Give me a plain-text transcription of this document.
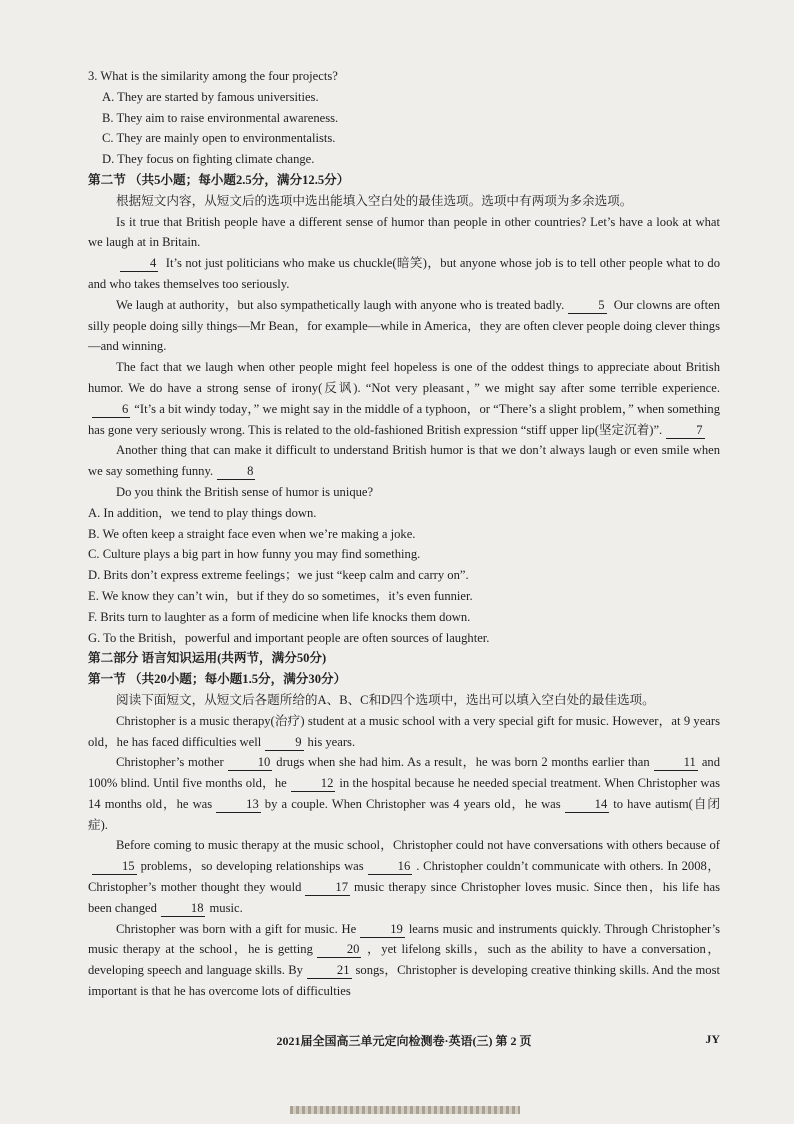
3. What is the similarity among the four projects?

A. They are started by famous universities.

B. They aim to raise environmental awareness.

C. They are mainly open to environmentalists.

D. They focus on fighting climate change.

第二节 （共5小题；每小题2.5分，满分12.5分）

根据短文内容，从短文后的选项中选出能填入空白处的最佳选项。选项中有两项为多余选项。

Is it true that British people have a different sense of humor than people in other countries? Let’s have a look at what we laugh at in Britain.

4 It’s not just politicians who make us chuckle(暗笑)，but anyone whose job is to tell other people what to do and who takes themselves too seriously.

We laugh at authority，but also sympathetically laugh with anyone who is treated badly.	5 Our clowns are often silly people doing silly things—Mr Bean，for example—while in America，they are often clever people doing clever things—and winning.

The fact that we laugh when other people might feel hopeless is one of the oddest things to appreciate about British humor. We do have a strong sense of irony(反讽). “Not very pleasant，” we might say after some terrible experience.6 “It’s a bit windy today，” we might say in the middle of a typhoon，or “There’s a slight problem，” when something has gone very seriously wrong. This is related to the old-fashioned British expression “stiff upper lip(坚定沉着)”.	7

Another thing that can make it difficult to understand British humor is that we don’t always laugh or even smile when we say something funny.	8

Do you think the British sense of humor is unique?

A. In addition，we tend to play things down.

B. We often keep a straight face even when we’re making a joke.

C. Culture plays a big part in how funny you may find something.

D. Brits don’t express extreme feelings；we just “keep calm and carry on”.

E. We know they can’t win，but if they do so sometimes，it’s even funnier.

F. Brits turn to laughter as a form of medicine when life knocks them down.

G. To the British，powerful and important people are often sources of laughter.

第二部分 语言知识运用(共两节，满分50分)

第一节 （共20小题；每小题1.5分，满分30分）

阅读下面短文，从短文后各题所给的A、B、C和D四个选项中，选出可以填入空白处的最佳选项。

Christopher is a music therapy(治疗) student at a music school with a very special gift for music. However，at 9 years old，he has faced difficulties well	9 his years.

Christopher’s mother	10 drugs when she had him. As a result，he was born 2 months earlier than	11 and 100% blind. Until five months old，he	12 in the hospital because he needed special treatment. When Christopher was 14 months old，he was	13 by a couple. When Christopher was 4 years old，he was	14 to have autism(自闭症).

Before coming to music therapy at the music school，Christopher could not have conversations with others because of15 problems，so developing relationships was	16 . Christopher couldn’t communicate with others. In 2008，Christopher’s mother thought they would	17 music therapy since Christopher loves music. Since then，his life has been changed	18 music.

Christopher was born with a gift for music. He	19 learns music and instruments quickly. Through Christopher’s music therapy at the school，he is getting	20 ，yet lifelong skills，such as the ability to have a conversation，developing speech and language skills. By	21 songs，Christopher is developing creative thinking skills. And the most important is that he has overcome lots of difficulties

2021届全国高三单元定向检测卷·英语(三) 第 2 页	JY
